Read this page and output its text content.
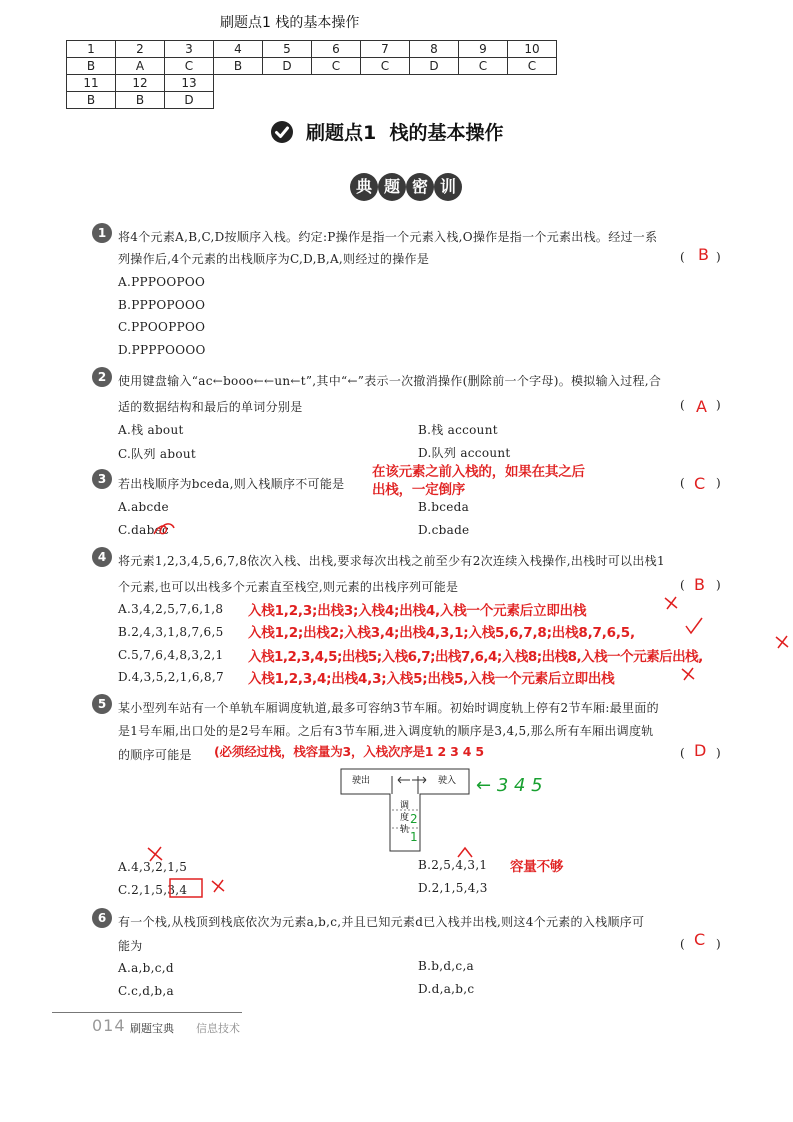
刷题点1 栈的基本操作
1	2	3	4	5	6	7	8	9	10
B	A	C	B	D	C	C	D	C	C
11	12	13							
B	B	D							
刷题点1 栈的基本操作
典 题 密 训
1 将4个元素A,B,C,D按顺序入栈。约定:P操作是指一个元素入栈,O操作是指一个元素出栈。经过一系
列操作后,4个元素的出栈顺序为C,D,B,A,则经过的操作是	( B )
A.PPPOOPOO
B.PPPOPOOO
C.PPOOPPOO
D.PPPPOOOO
2 使用键盘输入“ac←booo←←un←t”,其中“←”表示一次撤消操作(删除前一个字母)。模拟输入过程,合
适的数据结构和最后的单词分别是	( A )
A.栈 about	B.栈 account
C.队列 about	D.队列 account
3 若出栈顺序为bceda,则入栈顺序不可能是
在该元素之前入栈的，如果在其之后
出栈，一定倒序	( C )
A.abcde	B.bceda
C.dabec	D.cbade
4 将元素1,2,3,4,5,6,7,8依次入栈、出栈,要求每次出栈之前至少有2次连续入栈操作,出栈时可以出栈1
个元素,也可以出栈多个元素直至栈空,则元素的出栈序列可能是	( B )
A.3,4,2,5,7,6,1,8
B.2,4,3,1,8,7,6,5
C.5,7,6,4,8,3,2,1
D.4,3,5,2,1,6,8,7
入栈1,2,3;出栈3;入栈4;出栈4,入栈一个元素后立即出栈
入栈1,2;出栈2;入栈3,4;出栈4,3,1;入栈5,6,7,8;出栈8,7,6,5,
入栈1,2,3,4,5;出栈5;入栈6,7;出栈7,6,4;入栈8;出栈8,入栈一个元素后出栈,
入栈1,2,3,4;出栈4,3;入栈5;出栈5,入栈一个元素后立即出栈
5 某小型列车站有一个单轨车厢调度轨道,最多可容纳3节车厢。初始时调度轨上停有2节车厢:最里面的
是1号车厢,出口处的是2号车厢。之后有3节车厢,进入调度轨的顺序是3,4,5,那么所有车厢出调度轨
的顺序可能是 (必须经过栈，栈容量为3，入栈次序是1 2 3 4 5	( D )
驶出	驶入
调
度
轨
← 3 4 5
2
1
A.4,3,2,1,5	B.2,5,4,3,1 容量不够
C.2,1,5,3,4	D.2,1,5,4,3
6 有一个栈,从栈顶到栈底依次为元素a,b,c,并且已知元素d已入栈并出栈,则这4个元素的入栈顺序可
能为	( C )
A.a,b,c,d	B.b,d,c,a
C.c,d,b,a	D.d,a,b,c
014 刷题宝典 信息技术
